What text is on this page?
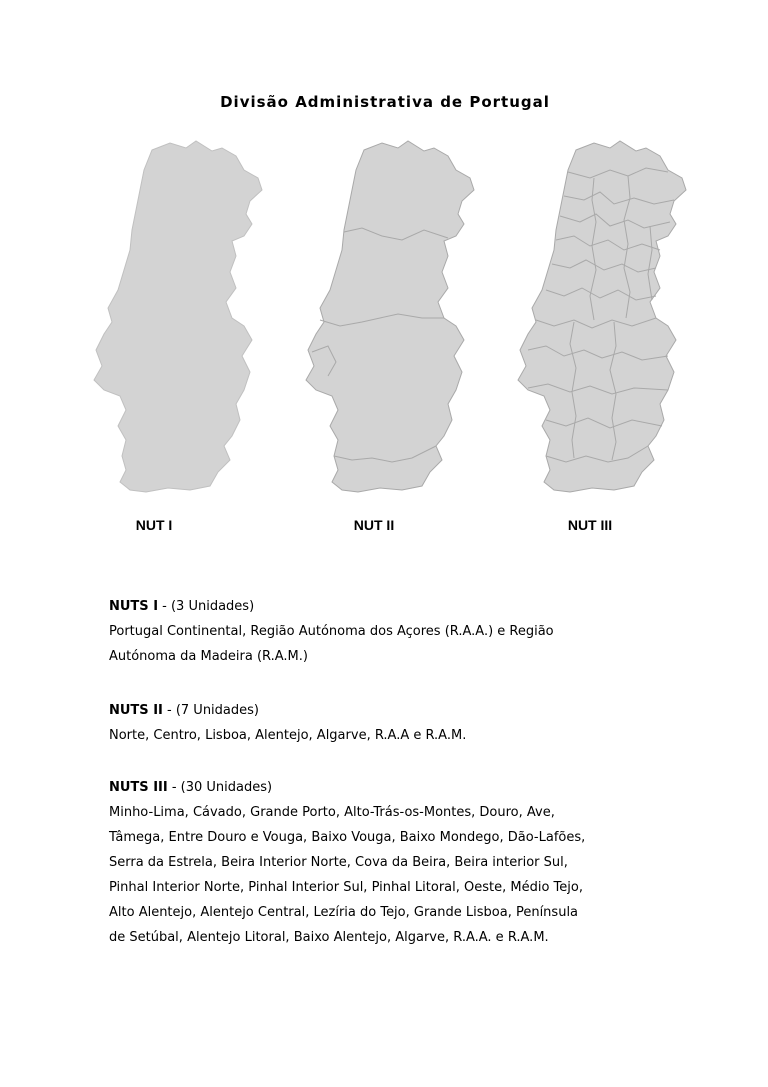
Divisão Administrativa de Portugal
NUT I	NUT II	NUT III

NUTS I - (3 Unidades)

Portugal Continental, Região Autónoma dos Açores (R.A.A.) e Região

Autónoma da Madeira (R.A.M.)

NUTS II - (7 Unidades)

Norte, Centro, Lisboa, Alentejo, Algarve, R.A.A e R.A.M.

NUTS III - (30 Unidades)

Minho-Lima, Cávado, Grande Porto, Alto-Trás-os-Montes, Douro, Ave,

Tâmega, Entre Douro e Vouga, Baixo Vouga, Baixo Mondego, Dão-Lafões,

Serra da Estrela, Beira Interior Norte, Cova da Beira, Beira interior Sul,

Pinhal Interior Norte, Pinhal Interior Sul, Pinhal Litoral, Oeste, Médio Tejo,

Alto Alentejo, Alentejo Central, Lezíria do Tejo, Grande Lisboa, Península

de Setúbal, Alentejo Litoral, Baixo Alentejo, Algarve, R.A.A. e R.A.M.
